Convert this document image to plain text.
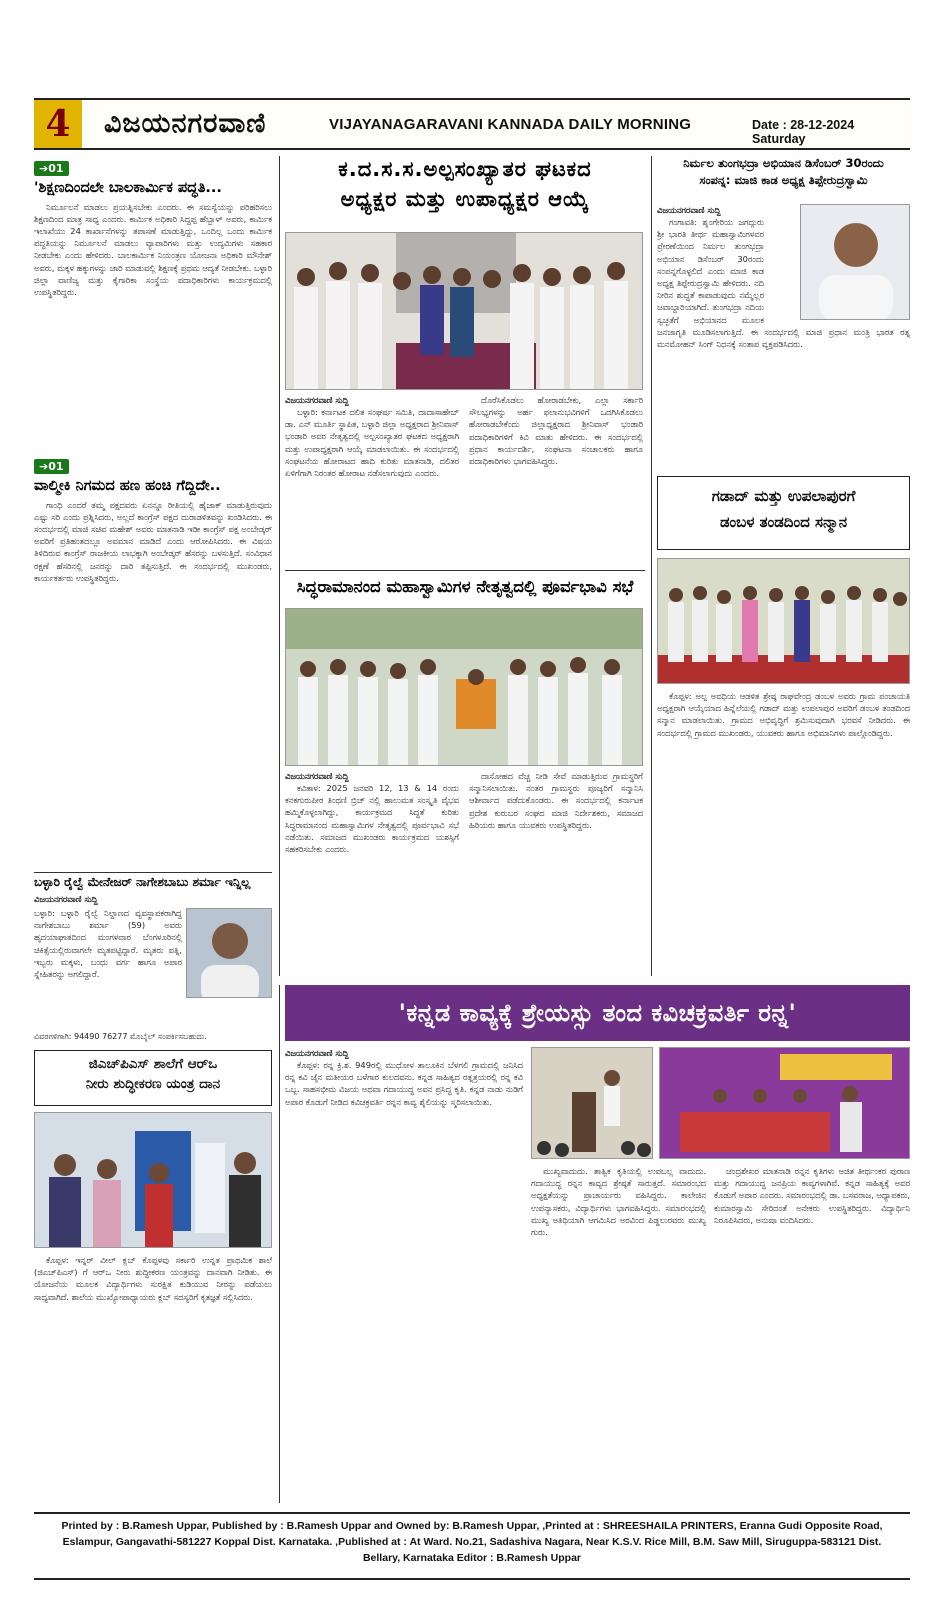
4	ವಿಜಯನಗರವಾಣಿ	VIJAYANAGARAVANI KANNADA DAILY MORNING	Date : 28-12-2024 Saturday
➔01
'ಶಿಕ್ಷಣದಿಂದಲೇ ಬಾಲಕಾರ್ಮಿಕ ಪದ್ಧತಿ...

ನಿರ್ಮೂಲನೆ ಮಾಡಲು ಪ್ರಯತ್ನಿಸಬೇಕು ಎಂದರು. ಈ ಸಮಸ್ಯೆಯನ್ನು ಪರಿಹರಿಸಲು ಶಿಕ್ಷಣದಿಂದ ಮಾತ್ರ ಸಾಧ್ಯ ಎಂದರು. ಕಾರ್ಮಿಕ ಅಧಿಕಾರಿ ಸಿದ್ದಪ್ಪ ಹೆಬ್ಬಾಳ್ ಅವರು, ಕಾರ್ಮಿಕ ಇಲಾಖೆಯು 24 ಕಾರ್ಖಾನೆಗಳನ್ನು ತಪಾಸಣೆ ಮಾಡುತ್ತಿದ್ದು, ಒಂದಿಲ್ಲ ಒಂದು ಕಾರ್ಮಿಕ ಪದ್ಧತಿಯನ್ನು ನಿರ್ಮೂಲನೆ ಮಾಡಲು ವ್ಯಾಪಾರಿಗಳು ಮತ್ತು ಉದ್ಯಮಿಗಳು ಸಹಕಾರ ನೀಡಬೇಕು ಎಂದು ಹೇಳಿದರು. ಬಾಲಕಾರ್ಮಿಕ ನಿಯಂತ್ರಣ ಯೋಜನಾ ಅಧಿಕಾರಿ ಮೌನೇಶ್ ಅವರು, ಮಕ್ಕಳ ಹಕ್ಕುಗಳನ್ನು ಜಾರಿ ಮಾಡುವಲ್ಲಿ ಶಿಕ್ಷಣಕ್ಕೆ ಪ್ರಥಮ ಆದ್ಯತೆ ನೀಡಬೇಕು. ಬಳ್ಳಾರಿ ಜಿಲ್ಲಾ ವಾಣಿಜ್ಯ ಮತ್ತು ಕೈಗಾರಿಕಾ ಸಂಸ್ಥೆಯ ಪದಾಧಿಕಾರಿಗಳು ಕಾರ್ಯಕ್ರಮದಲ್ಲಿ ಉಪಸ್ಥಿತರಿದ್ದರು.

➔01
ವಾಲ್ಮೀಕಿ ನಿಗಮದ ಹಣ ಹಂಚಿ ಗೆದ್ದಿದೇ..

ಗಾಂಧಿ ಎಂದರೆ ತಮ್ಮ ಪಕ್ಷದವರು ಏನನ್ನೂ ರೀತಿಯಲ್ಲಿ ಹೈಜಾಕ್ ಮಾಡುತ್ತಿರುವುದು ಎಷ್ಟು ಸರಿ ಎಂದು ಪ್ರಶ್ನಿಸಿದರು, ಅಲ್ಲದೆ ಕಾಂಗ್ರೆಸ್ ಪಕ್ಷದ ದುರಾಡಳಿತವನ್ನು ಖಂಡಿಸಿದರು. ಈ ಸಂದರ್ಭದಲ್ಲಿ ಮಾಜಿ ಸಚಿವ ಮಹೇಶ್ ಅವರು ಮಾತನಾಡಿ ಇಡೀ ಕಾಂಗ್ರೆಸ್ ಪಕ್ಷ ಅಂಬೇಡ್ಕರ್ ಅವರಿಗೆ ಪ್ರತಿಹಂತದಲ್ಲೂ ಅವಮಾನ ಮಾಡಿದೆ ಎಂದು ಆರೋಪಿಸಿದರು. ಈ ವಿಷಯ ತಿಳಿದಿರುವ ಕಾಂಗ್ರೆಸ್ ರಾಜಕೀಯ ಲಾಭಕ್ಕಾಗಿ ಅಂಬೇಡ್ಕರ್ ಹೆಸರನ್ನು ಬಳಸುತ್ತಿದೆ. ಸಂವಿಧಾನ ರಕ್ಷಣೆ ಹೆಸರಿನಲ್ಲಿ ಜನರನ್ನು ದಾರಿ ತಪ್ಪಿಸುತ್ತಿದೆ. ಈ ಸಂದರ್ಭದಲ್ಲಿ ಮುಖಂಡರು, ಕಾರ್ಯಕರ್ತರು ಉಪಸ್ಥಿತರಿದ್ದರು.

ಬಳ್ಳಾರಿ ರೈಲ್ವೆ ಮೇನೇಜರ್ ನಾಗೇಶಬಾಬು ಶರ್ಮಾ ಇನ್ನಿಲ್ಲ
ವಿಜಯನಗರವಾಣಿ ಸುದ್ದಿ
ಬಳ್ಳಾರಿ: ಬಳ್ಳಾರಿ ರೈಲ್ವೆ ನಿಲ್ದಾಣದ ವ್ಯವಸ್ಥಾಪಕರಾಗಿದ್ದ ನಾಗೇಶಬಾಬು ಶರ್ಮಾ (59) ಅವರು ಹೃದಯಾಘಾತದಿಂದ ಮಂಗಳವಾರ ಬೆಂಗಳೂರಿನಲ್ಲಿ ಚಿಕಿತ್ಸೆಯಲ್ಲಿರುವಾಗಲೇ ಮೃತಪಟ್ಟಿದ್ದಾರೆ. ಮೃತರು ಪತ್ನಿ, ಇಬ್ಬರು ಮಕ್ಕಳು, ಬಂಧು ವರ್ಗ ಹಾಗೂ ಅಪಾರ ಸ್ನೇಹಿತರನ್ನು ಅಗಲಿದ್ದಾರೆ.
ವಿವರಗಳಿಗಾಗಿ: 94490 76277 ಮೊಬೈಲ್ ಸಂಪರ್ಕಿಸಬಹುದು.
ಜಿಎಚ್‌ಪಿಎಸ್ ಶಾಲೆಗೆ ಆರ್‌ಒ
ನೀರು ಶುದ್ಧೀಕರಣ ಯಂತ್ರ ದಾನ

ಕೊಪ್ಪಳ: ಇನ್ನರ್ ವೀಲ್ ಕ್ಲಬ್ ಕೊಪ್ಪಳವು ಸರ್ಕಾರಿ ಉನ್ನತ ಪ್ರಾಥಮಿಕ ಶಾಲೆ (ಜಿಎಚ್‌ಪಿಎಸ್) ಗೆ ಆರ್‌ಒ ನೀರು ಶುದ್ಧೀಕರಣ ಯಂತ್ರವನ್ನು ದಾನವಾಗಿ ನೀಡಿತು. ಈ ಯೋಜನೆಯ ಮೂಲಕ ವಿದ್ಯಾರ್ಥಿಗಳು ಸುರಕ್ಷಿತ ಕುಡಿಯುವ ನೀರನ್ನು ಪಡೆಯಲು ಸಾಧ್ಯವಾಗಿದೆ. ಶಾಲೆಯ ಮುಖ್ಯೋಪಾಧ್ಯಾಯರು ಕ್ಲಬ್ ಸದಸ್ಯರಿಗೆ ಕೃತಜ್ಞತೆ ಸಲ್ಲಿಸಿದರು.

ಕ.ದ.ಸ.ಸ.ಅಲ್ಪಸಂಖ್ಯಾತರ ಘಟಕದ
ಅಧ್ಯಕ್ಷರ ಮತ್ತು ಉಪಾಧ್ಯಕ್ಷರ ಆಯ್ಕೆ
ವಿಜಯನಗರವಾಣಿ ಸುದ್ದಿ

ಬಳ್ಳಾರಿ: ಕರ್ನಾಟಕ ದಲಿತ ಸಂಘರ್ಷ ಸಮಿತಿ, ದಾದಾಸಾಹೇಬ್ ಡಾ. ಎನ್ ಮೂರ್ತಿ ಸ್ಥಾಪಿತ, ಬಳ್ಳಾರಿ ಜಿಲ್ಲಾ ಅಧ್ಯಕ್ಷರಾದ ಶ್ರೀನಿವಾಸ್ ಭಂಡಾರಿ ಅವರ ನೇತೃತ್ವದಲ್ಲಿ ಅಲ್ಪಸಂಖ್ಯಾತರ ಘಟಕದ ಅಧ್ಯಕ್ಷರಾಗಿ ಮತ್ತು ಉಪಾಧ್ಯಕ್ಷರಾಗಿ ಆಯ್ಕೆ ಮಾಡಲಾಯಿತು. ಈ ಸಂದರ್ಭದಲ್ಲಿ ಸಂಘಟನೆಯ ಹೋರಾಟದ ಹಾದಿ ಕುರಿತು ಮಾತನಾಡಿ, ದಲಿತರ ಏಳಿಗೆಗಾಗಿ ನಿರಂತರ ಹೋರಾಟ ನಡೆಸಲಾಗುವುದು ಎಂದರು.

ದೊರೆಸಿಕೊಡಲು ಹೋರಾಡಬೇಕು, ಎಲ್ಲಾ ಸರ್ಕಾರಿ ಸೌಲಭ್ಯಗಳನ್ನು ಅರ್ಹ ಫಲಾನುಭವಿಗಳಿಗೆ ಒದಗಿಸಿಕೊಡಲು ಹೋರಾಡಬೇಕೆಂದು ಜಿಲ್ಲಾಧ್ಯಕ್ಷರಾದ ಶ್ರೀನಿವಾಸ್ ಭಂಡಾರಿ ಪದಾಧಿಕಾರಿಗಳಿಗೆ ಕಿವಿ ಮಾತು ಹೇಳಿದರು. ಈ ಸಂದರ್ಭದಲ್ಲಿ ಪ್ರಧಾನ ಕಾರ್ಯದರ್ಶಿ, ಸಂಘಟನಾ ಸಂಚಾಲಕರು ಹಾಗೂ ಪದಾಧಿಕಾರಿಗಳು ಭಾಗವಹಿಸಿದ್ದರು.

ಸಿದ್ಧರಾಮಾನಂದ ಮಹಾಸ್ವಾಮಿಗಳ ನೇತೃತ್ವದಲ್ಲಿ ಪೂರ್ವಭಾವಿ ಸಭೆ
ವಿಜಯನಗರವಾಣಿ ಸುದ್ದಿ

ಕವಿತಾಳ: 2025 ಜನವರಿ 12, 13 & 14 ರಂದು ಕನಕಗುರುಪೀಠ ತಿಂಥಣಿ ಬ್ರಿಜ್ ನಲ್ಲಿ ಹಾಲುಮತ ಸಂಸ್ಕೃತಿ ವೈಭವ ಹಮ್ಮಿಕೊಳ್ಳಲಾಗಿದ್ದು, ಕಾರ್ಯಕ್ರಮದ ಸಿದ್ಧತೆ ಕುರಿತು ಸಿದ್ಧರಾಮಾನಂದ ಮಹಾಸ್ವಾಮಿಗಳ ನೇತೃತ್ವದಲ್ಲಿ ಪೂರ್ವಭಾವಿ ಸಭೆ ನಡೆಯಿತು. ಸಮಾಜದ ಮುಖಂಡರು ಕಾರ್ಯಕ್ರಮದ ಯಶಸ್ಸಿಗೆ ಸಹಕರಿಸಬೇಕು ಎಂದರು.

ದಾಸೋಹದ ವೆಚ್ಚ ನೀಡಿ ಸೇವೆ ಮಾಡುತ್ತಿರುವ ಗ್ರಾಮಸ್ಥರಿಗೆ ಸನ್ಮಾನಿಸಲಾಯಿತು. ನಂತರ ಗ್ರಾಮಸ್ಥರು ಪೂಜ್ಯರಿಗೆ ಸನ್ಮಾನಿಸಿ ಆಶೀರ್ವಾದ ಪಡೆದುಕೊಂಡರು. ಈ ಸಂದರ್ಭದಲ್ಲಿ ಕರ್ನಾಟಕ ಪ್ರದೇಶ ಕುರುಬರ ಸಂಘದ ಮಾಜಿ ನಿರ್ದೇಶಕರು, ಸಮಾಜದ ಹಿರಿಯರು ಹಾಗೂ ಯುವಕರು ಉಪಸ್ಥಿತರಿದ್ದರು.

ನಿರ್ಮಲ ತುಂಗಭದ್ರಾ ಅಭಿಯಾನ ಡಿಸೆಂಬರ್ 30ರಂದು
ಸಂಪನ್ನ: ಮಾಜಿ ಕಾಡ ಅಧ್ಯಕ್ಷ ತಿಪ್ಪೇರುದ್ರಸ್ವಾಮಿ
ವಿಜಯನಗರವಾಣಿ ಸುದ್ದಿ

ಗಂಗಾವತಿ: ಶೃಂಗೇರಿಯ ಜಗದ್ಗುರು ಶ್ರೀ ಭಾರತಿ ತೀರ್ಥ ಮಹಾಸ್ವಾಮಿಗಳವರ ಪ್ರೇರಣೆಯಿಂದ ನಿರ್ಮಲ ತುಂಗಭದ್ರಾ ಅಭಿಯಾನ ಡಿಸೆಂಬರ್ 30ರಂದು ಸಂಪನ್ನಗೊಳ್ಳಲಿದೆ ಎಂದು ಮಾಜಿ ಕಾಡ ಅಧ್ಯಕ್ಷ ತಿಪ್ಪೇರುದ್ರಸ್ವಾಮಿ ಹೇಳಿದರು. ನದಿ ನೀರಿನ ಶುದ್ಧತೆ ಕಾಪಾಡುವುದು ನಮ್ಮೆಲ್ಲರ ಜವಾಬ್ದಾರಿಯಾಗಿದೆ. ತುಂಗಭದ್ರಾ ನದಿಯ ಸ್ವಚ್ಛತೆಗೆ ಅಭಿಯಾನದ ಮೂಲಕ ಜನಜಾಗೃತಿ ಮೂಡಿಸಲಾಗುತ್ತಿದೆ. ಈ ಸಂದರ್ಭದಲ್ಲಿ ಮಾಜಿ ಪ್ರಧಾನ ಮಂತ್ರಿ ಭಾರತ ರತ್ನ ಮನಮೋಹನ್ ಸಿಂಗ್ ನಿಧನಕ್ಕೆ ಸಂತಾಪ ವ್ಯಕ್ತಪಡಿಸಿದರು.

ಗಡಾದ್ ಮತ್ತು ಉಪಲಾಪುರಗೆ
ಡಂಬಳ ತಂಡದಿಂದ ಸನ್ಮಾನ

ಕೊಪ್ಪಳ: ಅಲ್ಪ ಅವಧಿಯ ಆಡಳಿತ ಶ್ರೇಷ್ಠ ರಾಘವೇಂದ್ರ ಡಂಬಳ ಅವರು ಗ್ರಾಮ ಪಂಚಾಯತಿ ಅಧ್ಯಕ್ಷರಾಗಿ ಆಯ್ಕೆಯಾದ ಹಿನ್ನೆಲೆಯಲ್ಲಿ ಗಡಾದ್ ಮತ್ತು ಉಪಲಾಪುರ ಅವರಿಗೆ ಡಂಬಳ ತಂಡದಿಂದ ಸನ್ಮಾನ ಮಾಡಲಾಯಿತು. ಗ್ರಾಮದ ಅಭಿವೃದ್ಧಿಗೆ ಶ್ರಮಿಸುವುದಾಗಿ ಭರವಸೆ ನೀಡಿದರು. ಈ ಸಂದರ್ಭದಲ್ಲಿ ಗ್ರಾಮದ ಮುಖಂಡರು, ಯುವಕರು ಹಾಗೂ ಅಭಿಮಾನಿಗಳು ಪಾಲ್ಗೊಂಡಿದ್ದರು.

'ಕನ್ನಡ ಕಾವ್ಯಕ್ಕೆ ಶ್ರೇಯಸ್ಸು ತಂದ ಕವಿಚಕ್ರವರ್ತಿ ರನ್ನ'
ವಿಜಯನಗರವಾಣಿ ಸುದ್ದಿ

ಕೊಪ್ಪಳ: ರನ್ನ ಕ್ರಿ.ಶ. 949ರಲ್ಲಿ ಮುಧೋಳ ತಾಲೂಕಿನ ಬೆಳಗಲಿ ಗ್ರಾಮದಲ್ಲಿ ಜನಿಸಿದ ರನ್ನ ಕವಿ ಜೈನ ಮತೀಯರ ಬಳೆಗಾರ ಕುಲದವನು. ಕನ್ನಡ ಸಾಹಿತ್ಯದ ರತ್ನತ್ರಯರಲ್ಲಿ ರನ್ನ ಕವಿ ಒಬ್ಬ. ಸಾಹಸಭೀಮ ವಿಜಯ ಅಥವಾ ಗದಾಯುದ್ಧ ಅವನ ಪ್ರಸಿದ್ಧ ಕೃತಿ. ಕನ್ನಡ ನಾಡು ನುಡಿಗೆ ಅಪಾರ ಕೊಡುಗೆ ನೀಡಿದ ಕವಿಚಕ್ರವರ್ತಿ ರನ್ನನ ಕಾವ್ಯ ಶೈಲಿಯನ್ನು ಸ್ಮರಿಸಲಾಯಿತು.

ಮುಖ್ಯವಾದುದು. ತಾತ್ವಿಕ ಕೃತಿಯಲ್ಲಿ ಉಪಬಲ್ಲ ವಾದುದು. ಗದಾಯುದ್ಧ ರನ್ನನ ಕಾವ್ಯದ ಶ್ರೇಷ್ಠತೆ ಸಾರುತ್ತದೆ. ಸಮಾರಂಭದ ಅಧ್ಯಕ್ಷತೆಯನ್ನು ಪ್ರಾಚಾರ್ಯರು ವಹಿಸಿದ್ದರು. ಕಾಲೇಜಿನ ಉಪನ್ಯಾಸಕರು, ವಿದ್ಯಾರ್ಥಿಗಳು ಭಾಗವಹಿಸಿದ್ದರು. ಸಮಾರಂಭದಲ್ಲಿ ಮುಖ್ಯ ಅತಿಥಿಯಾಗಿ ಆಗಮಿಸಿದ ಅರವಿಂದ ಪಿಡ್ಡಲುರವರು ಮುಖ್ಯ ಗುರು.

ಚಂದ್ರಶೇಖರ ಮಾತನಾಡಿ ರನ್ನನ ಕೃತಿಗಳು ಅಜಿತ ತೀರ್ಥಂಕರ ಪುರಾಣ ಮತ್ತು ಗದಾಯುದ್ಧ ಜನಪ್ರಿಯ ಕಾವ್ಯಗಳಾಗಿವೆ. ಕನ್ನಡ ಸಾಹಿತ್ಯಕ್ಕೆ ಅವರ ಕೊಡುಗೆ ಅಪಾರ ಎಂದರು. ಸಮಾರಂಭದಲ್ಲಿ ಡಾ. ಬಸವರಾಜ, ಅಧ್ಯಾಪಕರು, ಕುಮಾರಸ್ವಾಮಿ ಸೇರಿದಂತೆ ಅನೇಕರು ಉಪಸ್ಥಿತರಿದ್ದರು. ವಿದ್ಯಾರ್ಥಿನಿ ನಿರೂಪಿಸಿದರು, ಅನುಷಾ ವಂದಿಸಿದರು.

Printed by : B.Ramesh Uppar, Published by : B.Ramesh Uppar and Owned by: B.Ramesh Uppar, ,Printed at : SHREESHAILA PRINTERS, Eranna Gudi Opposite Road,
Eslampur, Gangavathi-581227 Koppal Dist. Karnataka. ,Published at : At Ward. No.21, Sadashiva Nagara, Near K.S.V. Rice Mill, B.M. Saw Mill, Siruguppa-583121 Dist.
Bellary, Karnataka Editor : B.Ramesh Uppar
